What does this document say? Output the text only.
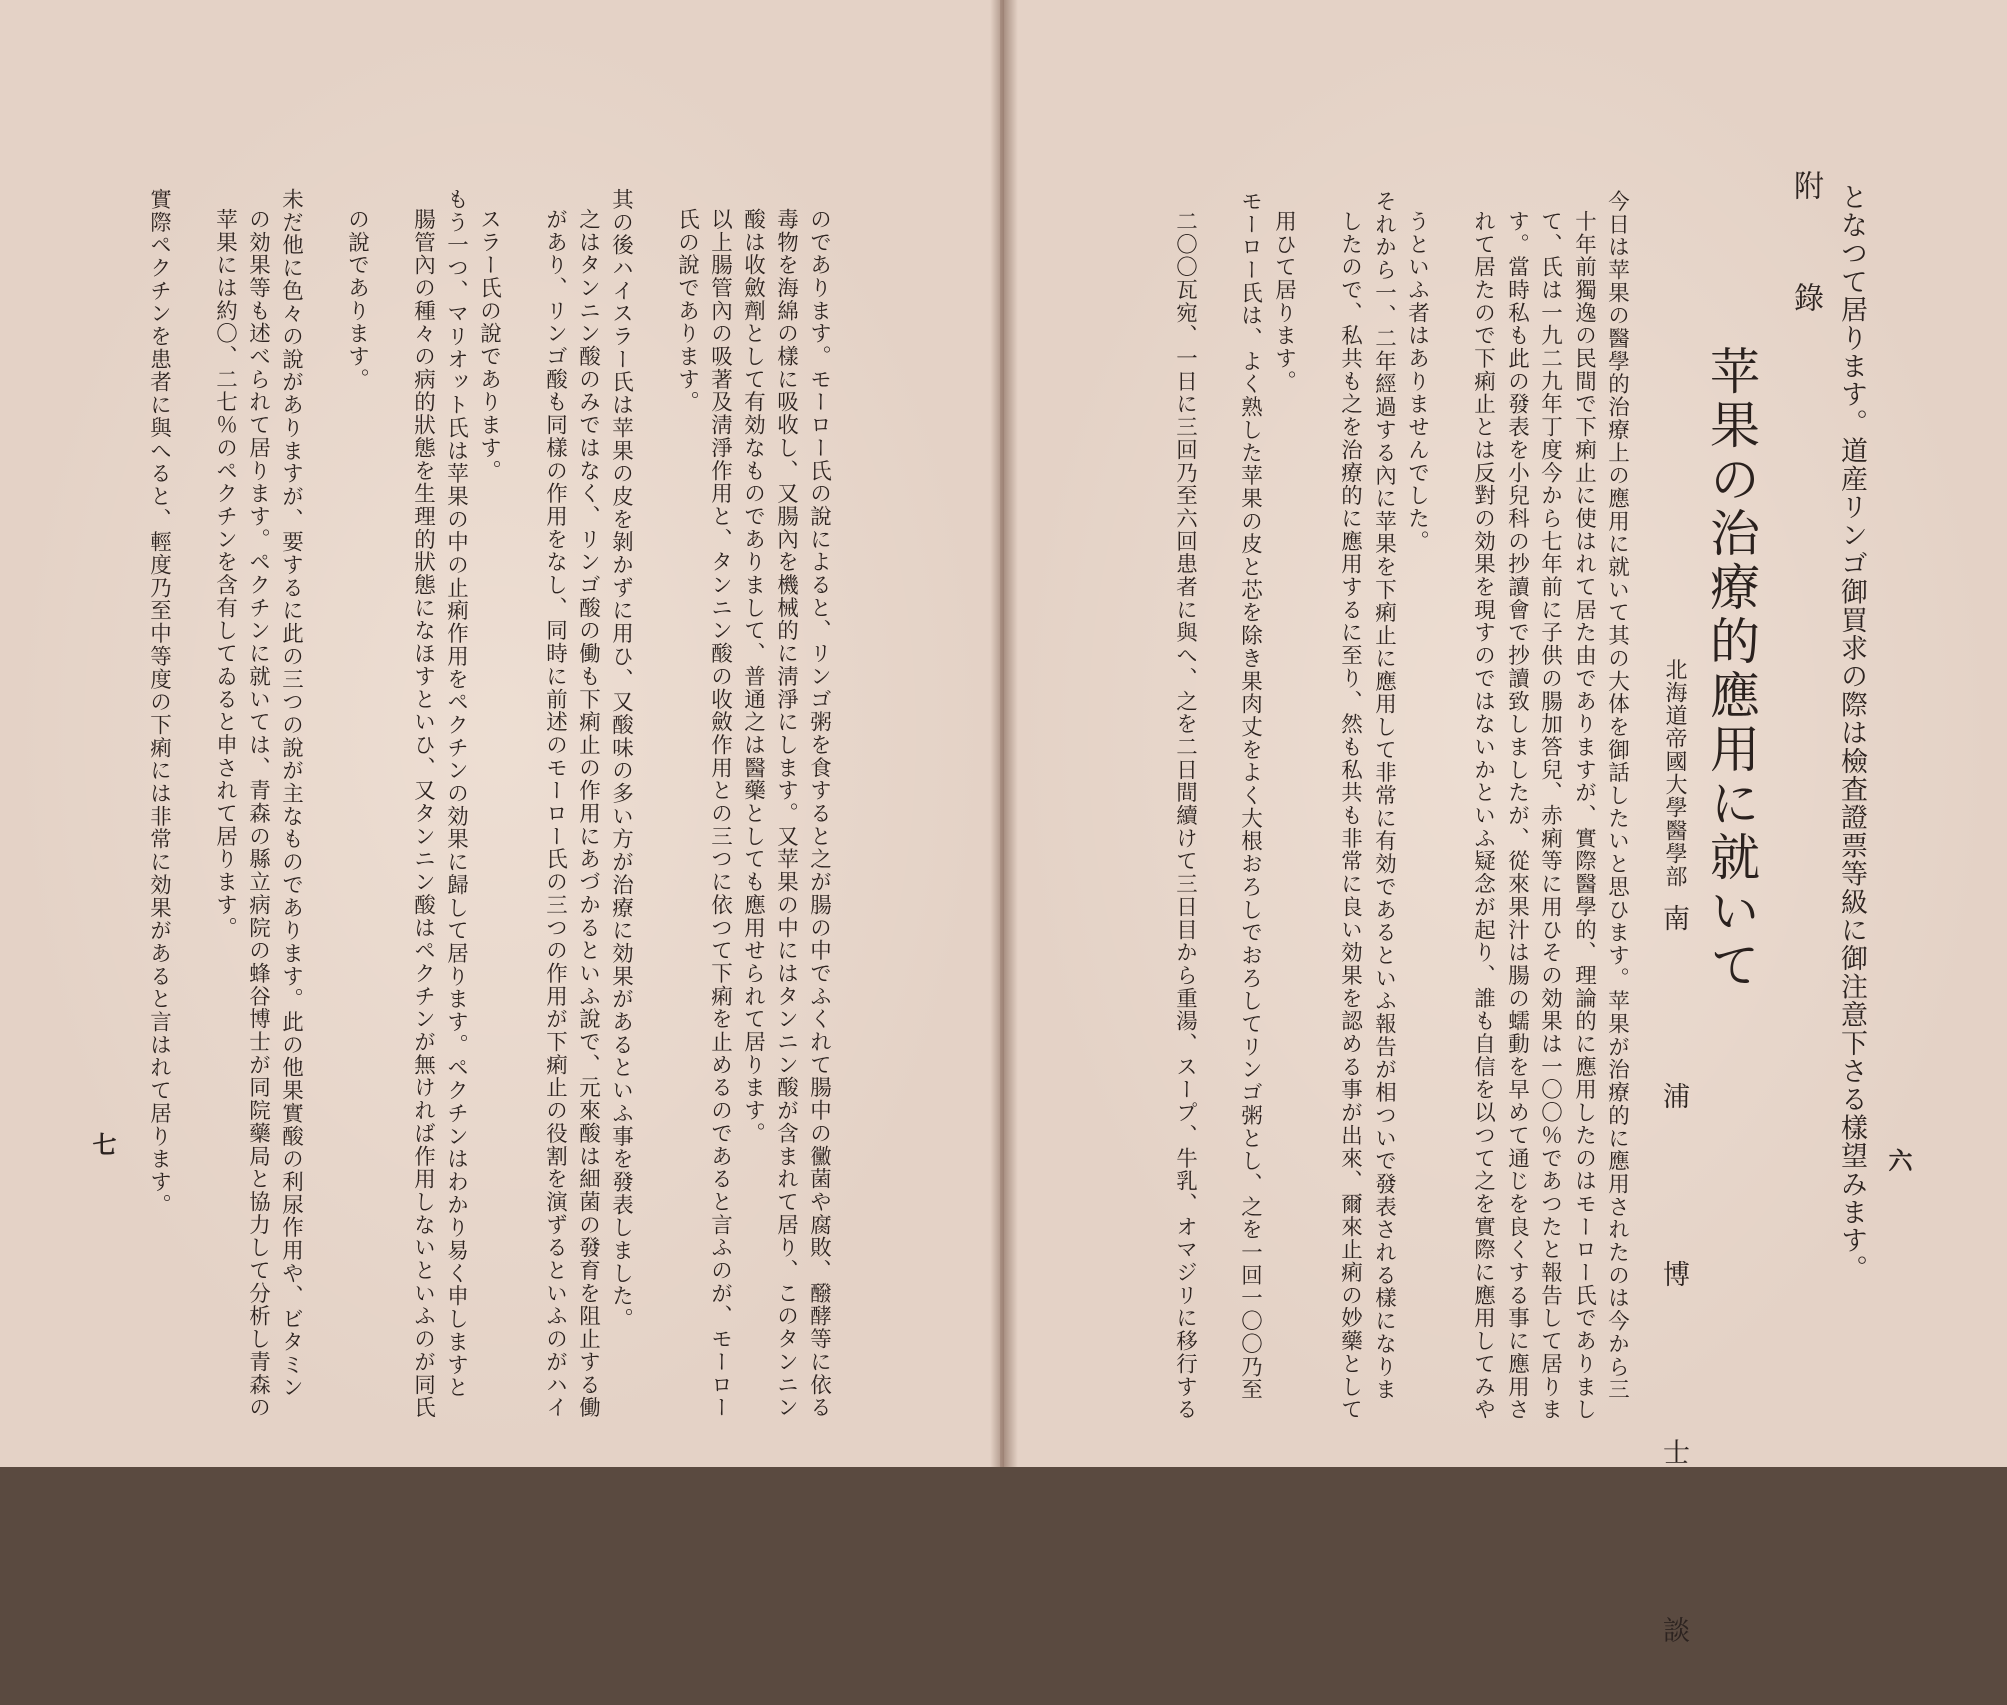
となつて居ります。道産リンゴ御買求の際は檢査證票等級に御注意下さる樣望みます。 六
附　錄
苹果の治療的應用に就いて
北海道帝國大學醫學部
南　浦　博　士　談
今日は苹果の醫學的治療上の應用に就いて其の大体を御話したいと思ひます。苹果が治療的に應用されたのは今から三
十年前獨逸の民間で下痢止に使はれて居た由でありますが、實際醫學的、理論的に應用したのはモーロー氏でありまし
て、氏は一九二九年丁度今から七年前に子供の腸加答兒、赤痢等に用ひその効果は一〇〇％であつたと報告して居りま
す。當時私も此の發表を小兒科の抄讀會で抄讀致しましたが、從來果汁は腸の蠕動を早めて通じを良くする事に應用さ
れて居たので下痢止とは反對の効果を現すのではないかといふ疑念が起り、誰も自信を以つて之を實際に應用してみや
うといふ者はありませんでした。
それから一、二年經過する內に苹果を下痢止に應用して非常に有効であるといふ報告が相ついで發表される樣になりま
したので、私共も之を治療的に應用するに至り、然も私共も非常に良い効果を認める事が出來、爾來止痢の妙藥として
用ひて居ります。
モーロー氏は、よく熟した苹果の皮と芯を除き果肉丈をよく大根おろしでおろしてリンゴ粥とし、之を一回一〇〇乃至
二〇〇瓦宛、一日に三回乃至六回患者に與へ、之を二日間續けて三日目から重湯、スープ、牛乳、オマジリに移行する
のであります。モーロー氏の說によると、リンゴ粥を食すると之が腸の中でふくれて腸中の黴菌や腐敗、醱酵等に依る
毒物を海綿の樣に吸收し、又腸內を機械的に淸淨にします。又苹果の中にはタンニン酸が含まれて居り、このタンニン
酸は收斂劑として有効なものでありまして、普通之は醫藥としても應用せられて居ります。
以上腸管內の吸著及淸淨作用と、タンニン酸の收斂作用との三つに依つて下痢を止めるのであると言ふのが、モーロー
氏の說であります。
其の後ハイスラー氏は苹果の皮を剝かずに用ひ、又酸味の多い方が治療に効果があるといふ事を發表しました。
之はタンニン酸のみではなく、リンゴ酸の働も下痢止の作用にあづかるといふ說で、元來酸は細菌の發育を阻止する働
があり、リンゴ酸も同樣の作用をなし、同時に前述のモーロー氏の三つの作用が下痢止の役割を演ずるといふのがハイ
スラー氏の說であります。
もう一つ、マリオット氏は苹果の中の止痢作用をペクチンの効果に歸して居ります。ペクチンはわかり易く申しますと
腸管內の種々の病的狀態を生理的狀態になほすといひ、又タンニン酸はペクチンが無ければ作用しないといふのが同氏
の說であります。
未だ他に色々の說がありますが、要するに此の三つの說が主なものであります。此の他果實酸の利尿作用や、ビタミン
の効果等も述べられて居ります。ペクチンに就いては、青森の縣立病院の蜂谷博士が同院藥局と協力して分析し青森の
苹果には約〇、二七％のペクチンを含有してゐると申されて居ります。
實際ペクチンを患者に與へると、輕度乃至中等度の下痢には非常に効果があると言はれて居ります。
七
